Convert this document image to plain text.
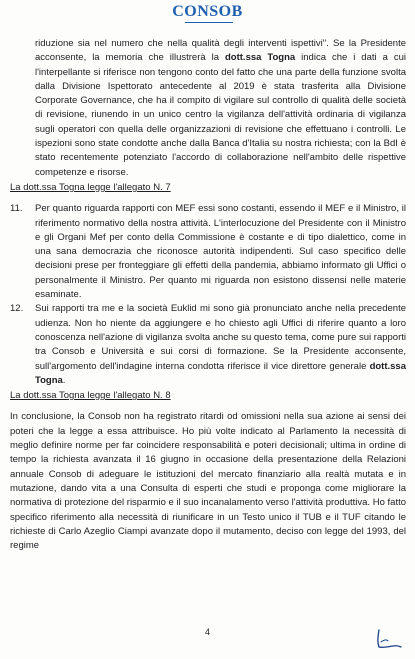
CONSOB

riduzione sia nel numero che nella qualità degli interventi ispettivi". Se la Presidente acconsente, la memoria che illustrerà la dott.ssa Togna indica che i dati a cui l'interpellante si riferisce non tengono conto del fatto che una parte della funzione svolta dalla Divisione Ispettorato antecedente al 2019 è stata trasferita alla Divisione Corporate Governance, che ha il compito di vigilare sul controllo di qualità delle società di revisione, riunendo in un unico centro la vigilanza dell'attività ordinaria di vigilanza sugli operatori con quella delle organizzazioni di revisione che effettuano i controlli. Le ispezioni sono state condotte anche dalla Banca d'Italia su nostra richiesta; con la BdI è stato recentemente potenziato l'accordo di collaborazione nell'ambito delle rispettive competenze e risorse.

La dott.ssa Togna legge l'allegato N. 7

11. Per quanto riguarda rapporti con MEF essi sono costanti, essendo il MEF e il Ministro, il riferimento normativo della nostra attività. L'interlocuzione del Presidente con il Ministro e gli Organi Mef per conto della Commissione è costante e di tipo dialettico, come in una sana democrazia che riconosce autorità indipendenti. Sul caso specifico delle decisioni prese per fronteggiare gli effetti della pandemia, abbiamo informato gli Uffici o personalmente il Ministro. Per quanto mi riguarda non esistono dissensi nelle materie esaminate.

12. Sui rapporti tra me e la società Euklid mi sono già pronunciato anche nella precedente udienza. Non ho niente da aggiungere e ho chiesto agli Uffici di riferire quanto a loro conoscenza nell'azione di vigilanza svolta anche su questo tema, come pure sui rapporti tra Consob e Università e sui corsi di formazione. Se la Presidente acconsente, sull'argomento dell'indagine interna condotta riferisce il vice direttore generale dott.ssa Togna.

La dott.ssa Togna legge l'allegato N. 8

In conclusione, la Consob non ha registrato ritardi od omissioni nella sua azione ai sensi dei poteri che la legge a essa attribuisce. Ho più volte indicato al Parlamento la necessità di meglio definire norme per far coincidere responsabilità e poteri decisionali; ultima in ordine di tempo la richiesta avanzata il 16 giugno in occasione della presentazione della Relazioni annuale Consob di adeguare le istituzioni del mercato finanziario alla realtà mutata e in mutazione, dando vita a una Consulta di esperti che studi e proponga come migliorare la normativa di protezione del risparmio e il suo incanalamento verso l'attività produttiva. Ho fatto specifico riferimento alla necessità di riunificare in un Testo unico il TUB e il TUF citando le richieste di Carlo Azeglio Ciampi avanzate dopo il mutamento, deciso con legge del 1993, del regime

4
